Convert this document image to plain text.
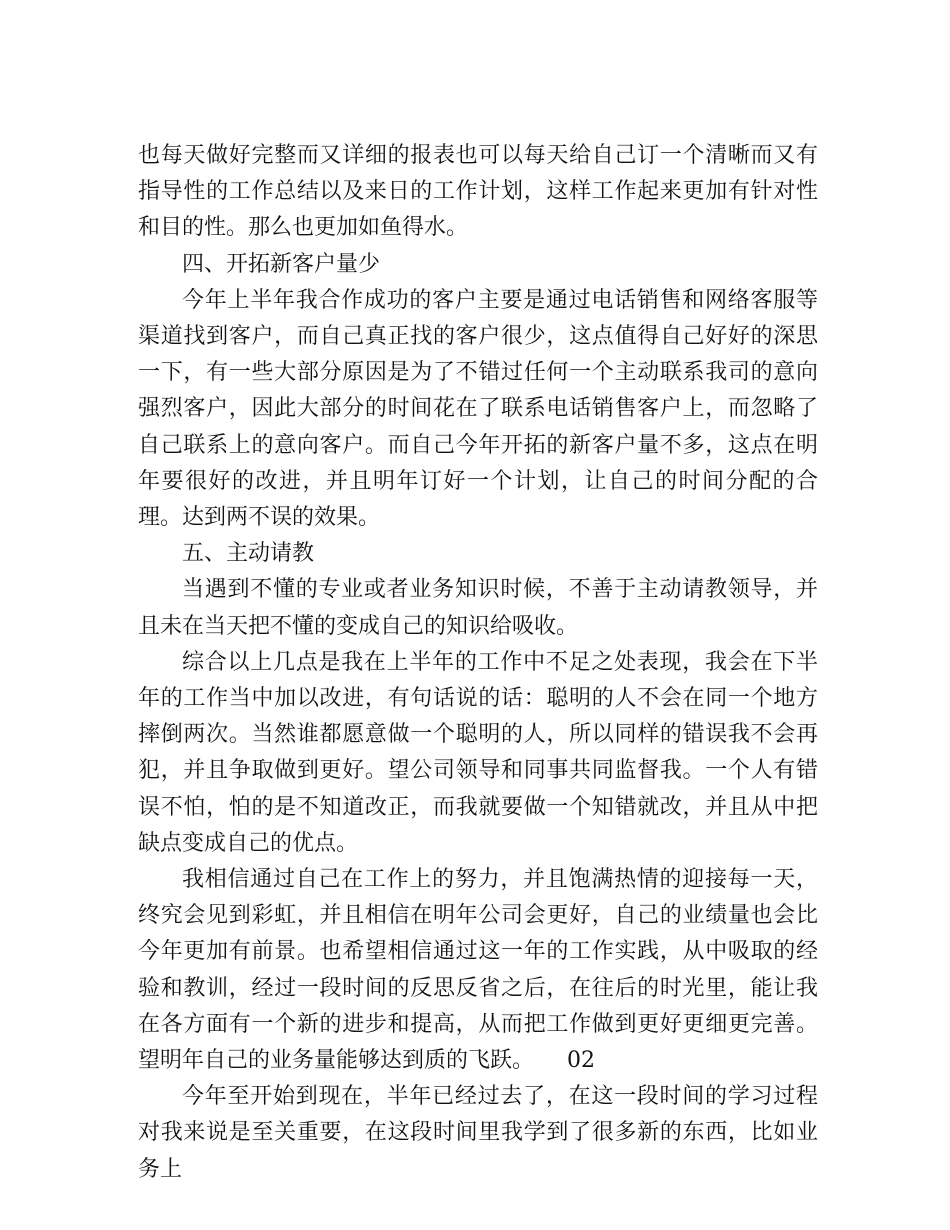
也每天做好完整而又详细的报表也可以每天给自己订一个清晰而又有指导性的工作总结以及来日的工作计划，这样工作起来更加有针对性和目的性。那么也更加如鱼得水。

四、开拓新客户量少

今年上半年我合作成功的客户主要是通过电话销售和网络客服等渠道找到客户，而自己真正找的客户很少，这点值得自己好好的深思一下，有一些大部分原因是为了不错过任何一个主动联系我司的意向强烈客户，因此大部分的时间花在了联系电话销售客户上，而忽略了自己联系上的意向客户。而自己今年开拓的新客户量不多，这点在明年要很好的改进，并且明年订好一个计划，让自己的时间分配的合理。达到两不误的效果。

五、主动请教

当遇到不懂的专业或者业务知识时候，不善于主动请教领导，并且未在当天把不懂的变成自己的知识给吸收。

综合以上几点是我在上半年的工作中不足之处表现，我会在下半年的工作当中加以改进，有句话说的话：聪明的人不会在同一个地方摔倒两次。当然谁都愿意做一个聪明的人，所以同样的错误我不会再犯，并且争取做到更好。望公司领导和同事共同监督我。一个人有错误不怕，怕的是不知道改正，而我就要做一个知错就改，并且从中把缺点变成自己的优点。

我相信通过自己在工作上的努力，并且饱满热情的迎接每一天，终究会见到彩虹，并且相信在明年公司会更好，自己的业绩量也会比今年更加有前景。也希望相信通过这一年的工作实践，从中吸取的经验和教训，经过一段时间的反思反省之后，在往后的时光里，能让我在各方面有一个新的进步和提高，从而把工作做到更好更细更完善。望明年自己的业务量能够达到质的飞跃。　　02

今年至开始到现在，半年已经过去了，在这一段时间的学习过程对我来说是至关重要，在这段时间里我学到了很多新的东西，比如业务上
